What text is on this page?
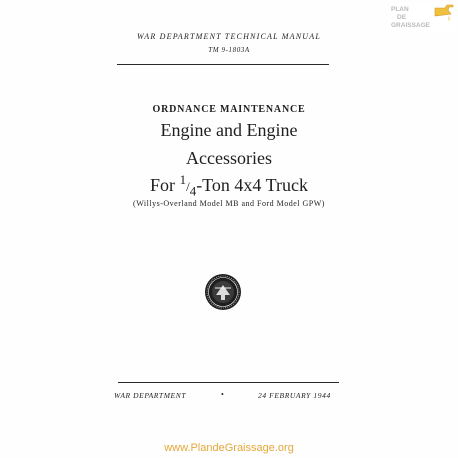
WAR DEPARTMENT TECHNICAL MANUAL
TM 9-1803A
ORDNANCE MAINTENANCE
Engine and Engine
Accessories
For $^1/_4$-Ton 4x4 Truck
(Willys-Overland Model MB and Ford Model GPW)
WAR DEPARTMENT	•	24 FEBRUARY 1944
PLAN
DE
GRAISSAGE
www.PlandeGraissage.org
